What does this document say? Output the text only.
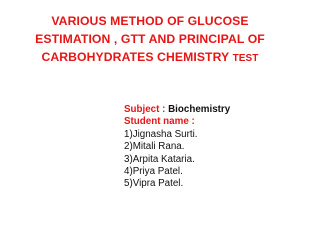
VARIOUS METHOD OF GLUCOSE
ESTIMATION , GTT AND PRINCIPAL OF
CARBOHYDRATES CHEMISTRY TEST
Subject : Biochemistry
Student name :
1)Jignasha Surti.
2)Mitali Rana.
3)Arpita Kataria.
4)Priya Patel.
5)Vipra Patel.
